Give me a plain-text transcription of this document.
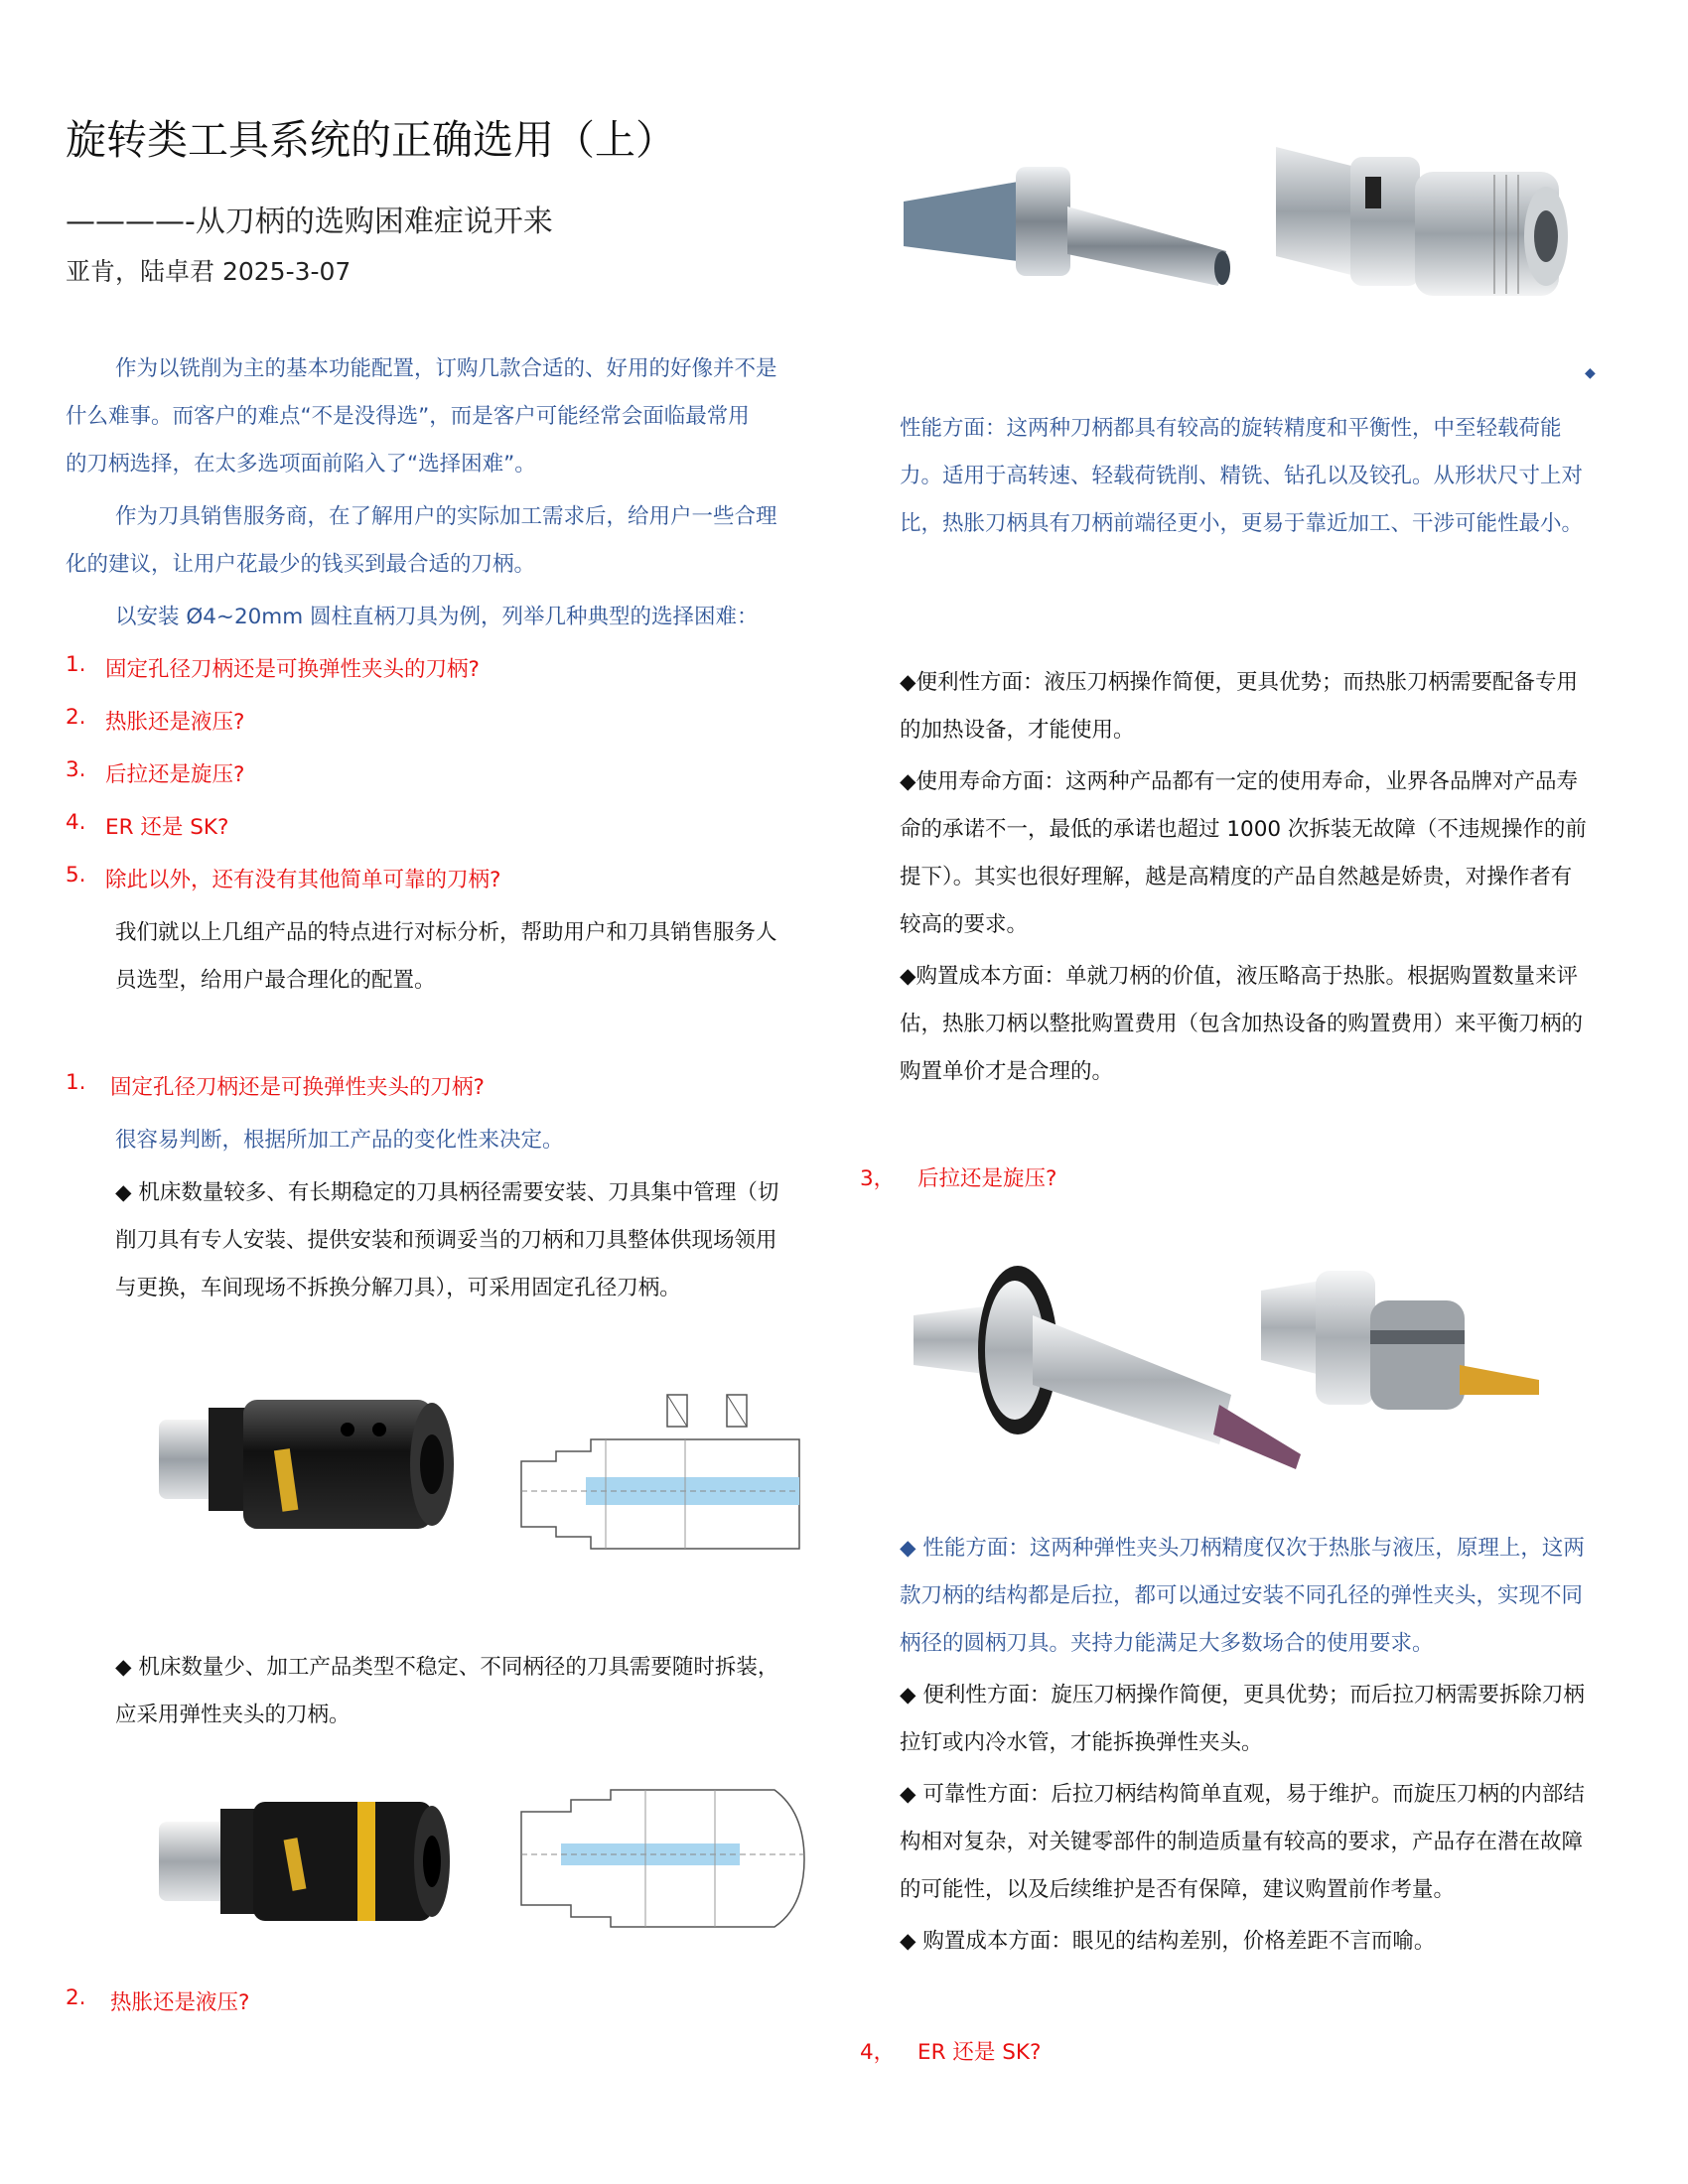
旋转类工具系统的正确选用（上）
————-从刀柄的选购困难症说开来
亚肯，陆卓君 2025-3-07
作为以铣削为主的基本功能配置，订购几款合适的、好用的好像并不是
什么难事。而客户的难点“不是没得选”，而是客户可能经常会面临最常用
的刀柄选择，在太多选项面前陷入了“选择困难”。
作为刀具销售服务商，在了解用户的实际加工需求后，给用户一些合理
化的建议，让用户花最少的钱买到最合适的刀柄。
以安装 Ø4~20mm 圆柱直柄刀具为例，列举几种典型的选择困难：
1. 固定孔径刀柄还是可换弹性夹头的刀柄?
2. 热胀还是液压?
3. 后拉还是旋压?
4. ER 还是 SK?
5. 除此以外，还有没有其他简单可靠的刀柄?
我们就以上几组产品的特点进行对标分析，帮助用户和刀具销售服务人
员选型，给用户最合理化的配置。
1. 固定孔径刀柄还是可换弹性夹头的刀柄?
很容易判断，根据所加工产品的变化性来决定。
◆ 机床数量较多、有长期稳定的刀具柄径需要安装、刀具集中管理（切
削刀具有专人安装、提供安装和预调妥当的刀柄和刀具整体供现场领用
与更换，车间现场不拆换分解刀具），可采用固定孔径刀柄。
◆ 机床数量少、加工产品类型不稳定、不同柄径的刀具需要随时拆装，
应采用弹性夹头的刀柄。
2. 热胀还是液压?
◆
性能方面：这两种刀柄都具有较高的旋转精度和平衡性，中至轻载荷能
力。适用于高转速、轻载荷铣削、精铣、钻孔以及铰孔。从形状尺寸上对
比，热胀刀柄具有刀柄前端径更小，更易于靠近加工、干涉可能性最小。
◆便利性方面：液压刀柄操作简便，更具优势；而热胀刀柄需要配备专用
的加热设备，才能使用。
◆使用寿命方面：这两种产品都有一定的使用寿命，业界各品牌对产品寿
命的承诺不一，最低的承诺也超过 1000 次拆装无故障（不违规操作的前
提下）。其实也很好理解，越是高精度的产品自然越是娇贵，对操作者有
较高的要求。
◆购置成本方面：单就刀柄的价值，液压略高于热胀。根据购置数量来评
估，热胀刀柄以整批购置费用（包含加热设备的购置费用）来平衡刀柄的
购置单价才是合理的。
3， 后拉还是旋压?
◆ 性能方面：这两种弹性夹头刀柄精度仅次于热胀与液压，原理上，这两
款刀柄的结构都是后拉，都可以通过安装不同孔径的弹性夹头，实现不同
柄径的圆柄刀具。夹持力能满足大多数场合的使用要求。
◆ 便利性方面：旋压刀柄操作简便，更具优势；而后拉刀柄需要拆除刀柄
拉钉或内冷水管，才能拆换弹性夹头。
◆ 可靠性方面：后拉刀柄结构简单直观，易于维护。而旋压刀柄的内部结
构相对复杂，对关键零部件的制造质量有较高的要求，产品存在潜在故障
的可能性，以及后续维护是否有保障，建议购置前作考量。
◆ 购置成本方面：眼见的结构差别，价格差距不言而喻。
4， ER 还是 SK?
